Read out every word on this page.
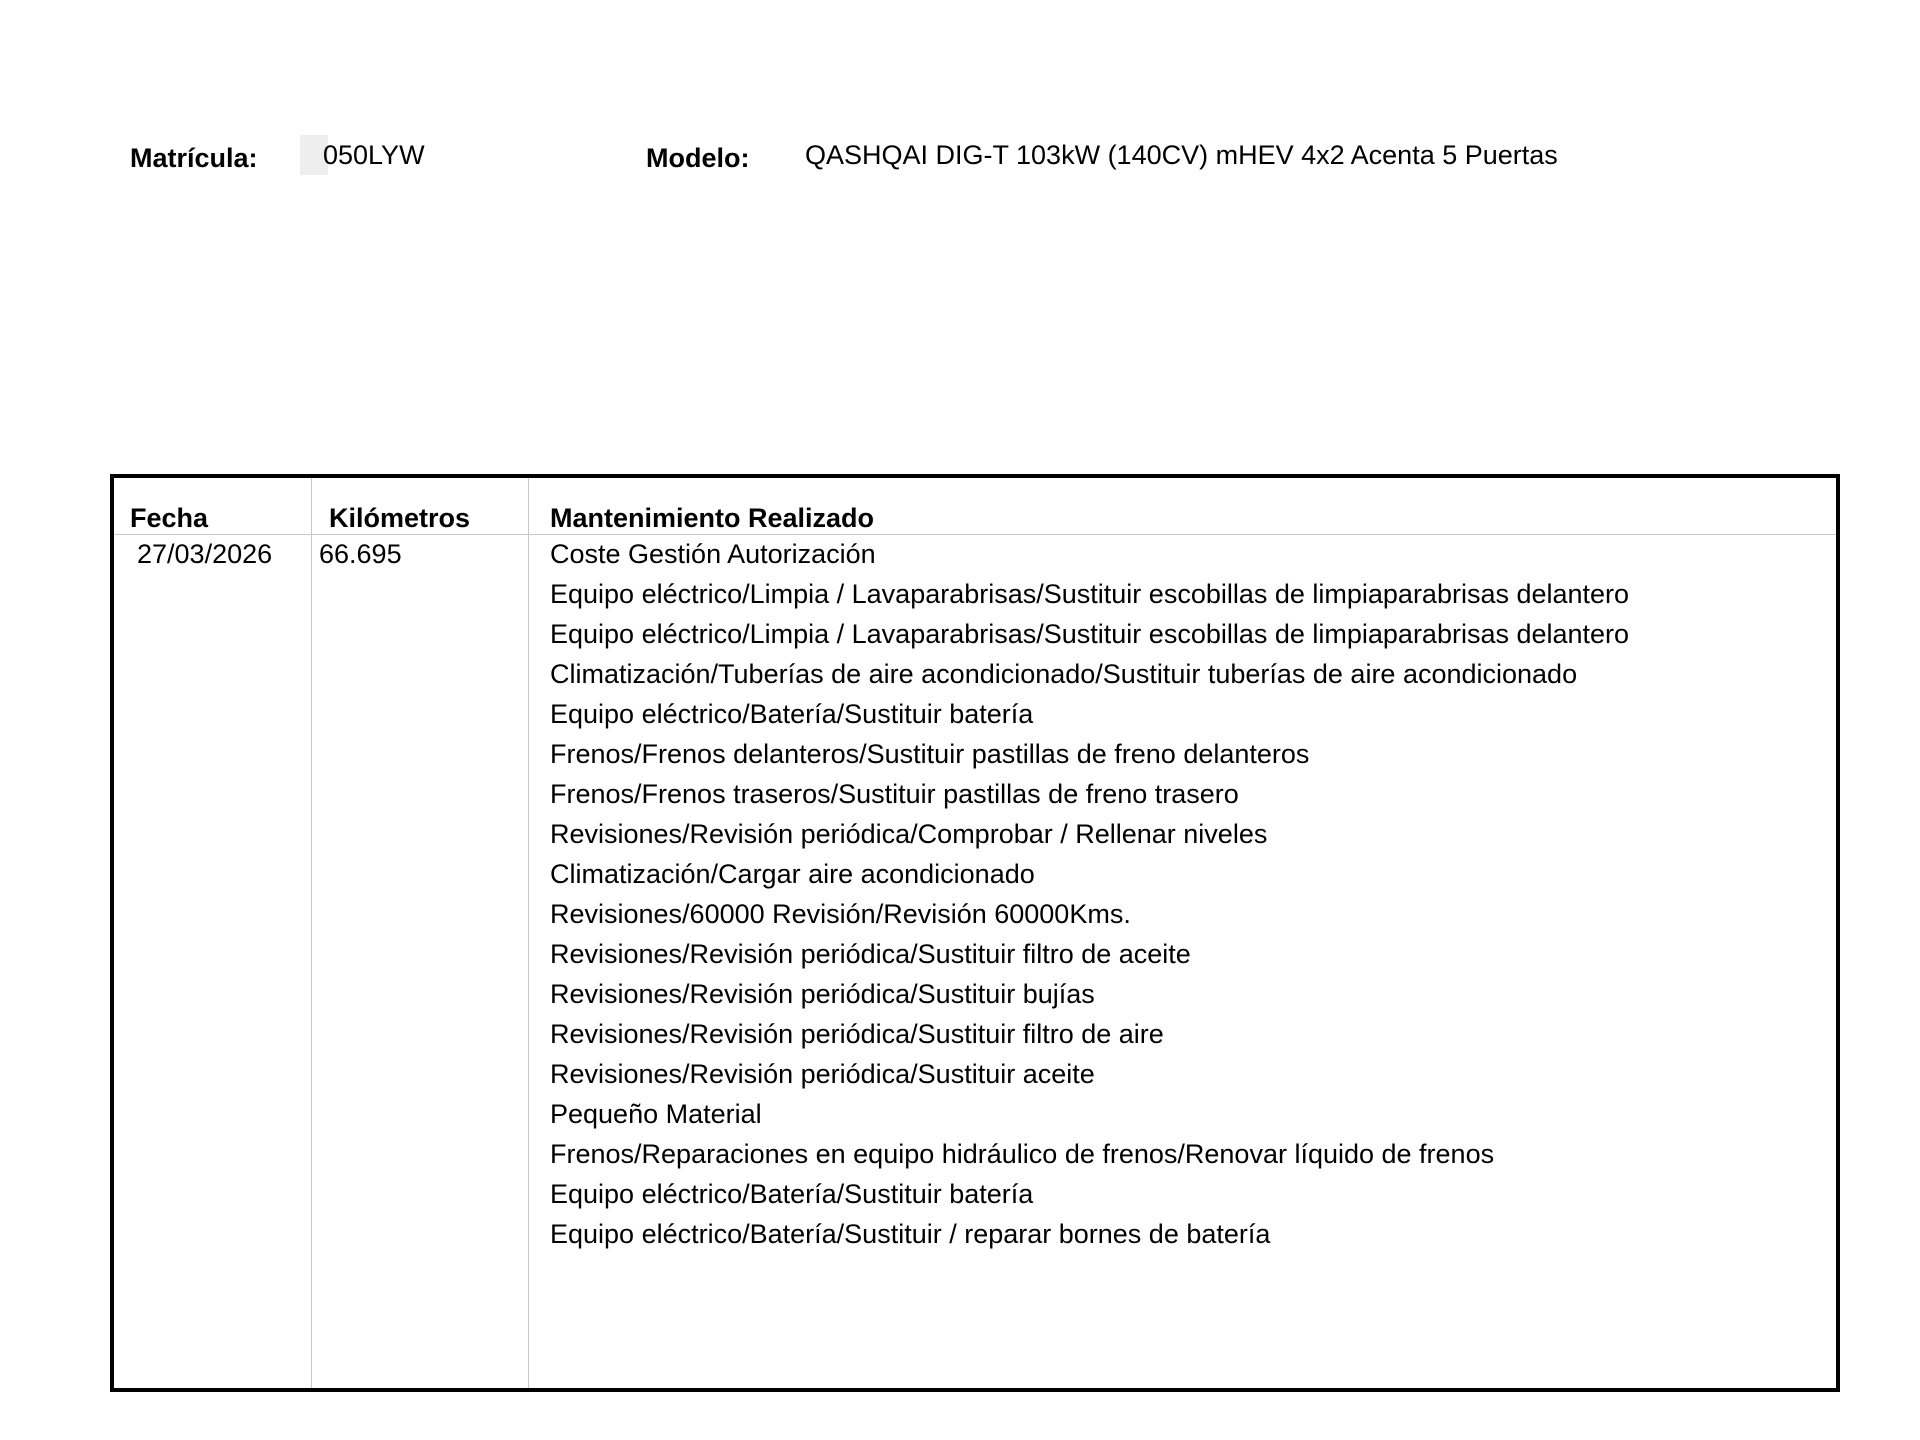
Matrícula: 050LYW	Modelo: QASHQAI DIG-T 103kW (140CV) mHEV 4x2 Acenta 5 Puertas
Fecha	Kilómetros	Mantenimiento Realizado
27/03/2026 66.695	Coste Gestión Autorización
Equipo eléctrico/Limpia / Lavaparabrisas/Sustituir escobillas de limpiaparabrisas delantero
Equipo eléctrico/Limpia / Lavaparabrisas/Sustituir escobillas de limpiaparabrisas delantero
Climatización/Tuberías de aire acondicionado/Sustituir tuberías de aire acondicionado
Equipo eléctrico/Batería/Sustituir batería
Frenos/Frenos delanteros/Sustituir pastillas de freno delanteros
Frenos/Frenos traseros/Sustituir pastillas de freno trasero
Revisiones/Revisión periódica/Comprobar / Rellenar niveles
Climatización/Cargar aire acondicionado
Revisiones/60000 Revisión/Revisión 60000Kms.
Revisiones/Revisión periódica/Sustituir filtro de aceite
Revisiones/Revisión periódica/Sustituir bujías
Revisiones/Revisión periódica/Sustituir filtro de aire
Revisiones/Revisión periódica/Sustituir aceite
Pequeño Material
Frenos/Reparaciones en equipo hidráulico de frenos/Renovar líquido de frenos
Equipo eléctrico/Batería/Sustituir batería
Equipo eléctrico/Batería/Sustituir / reparar bornes de batería
